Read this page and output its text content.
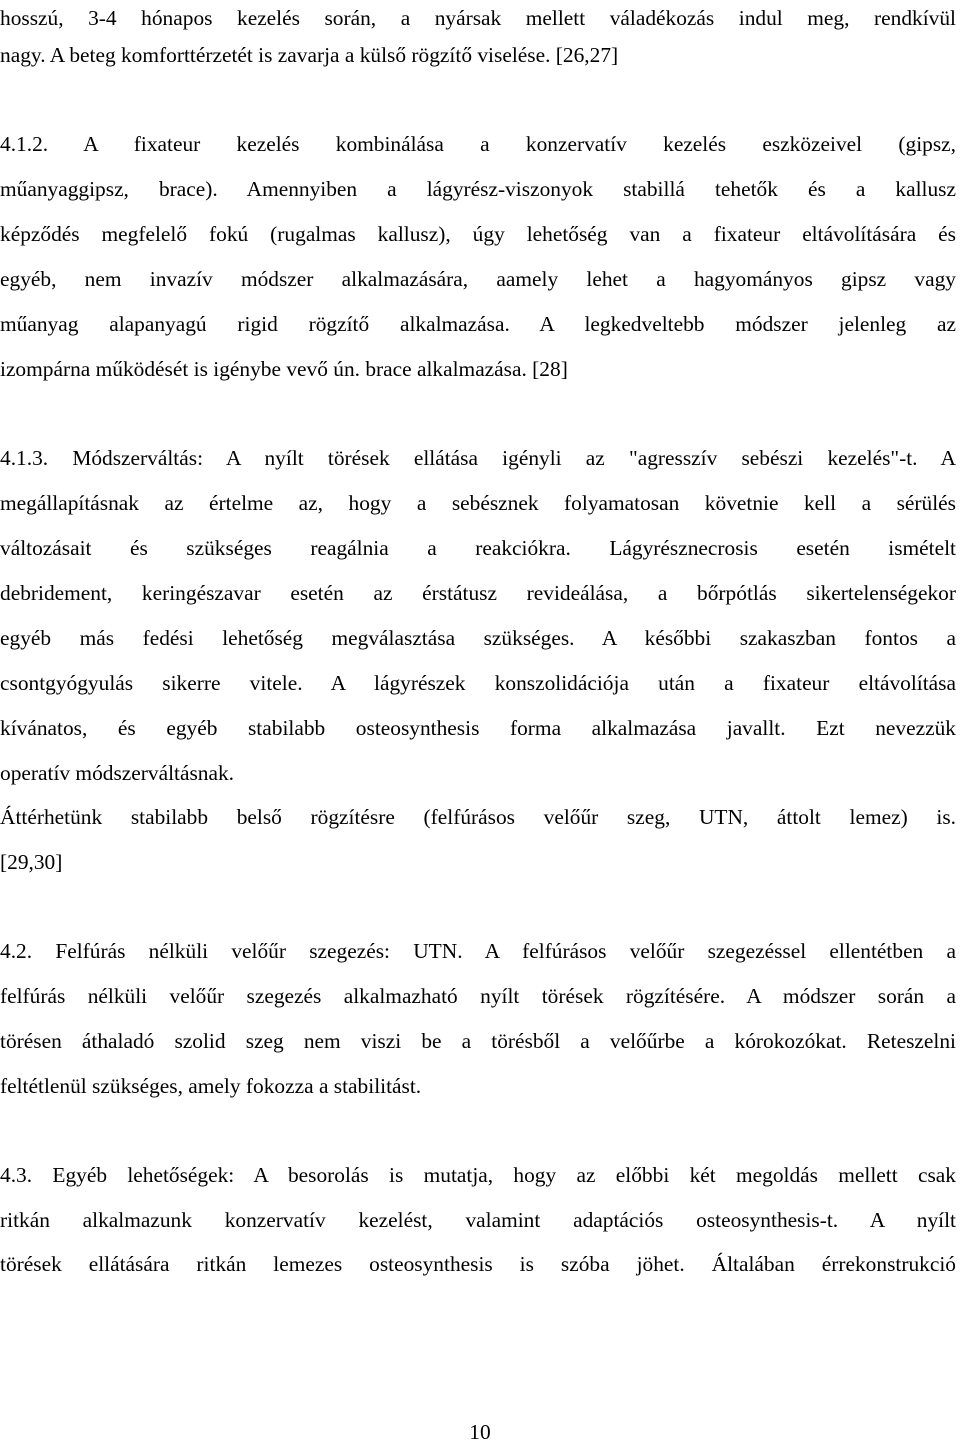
hosszú, 3-4 hónapos kezelés során, a nyársak mellett váladékozás indul meg, rendkívül

nagy. A beteg komforttérzetét is zavarja a külső rögzítő viselése. [26,27]

4.1.2. A fixateur kezelés kombinálása a konzervatív kezelés eszközeivel (gipsz,

műanyaggipsz, brace). Amennyiben a lágyrész-viszonyok stabillá tehetők és a kallusz

képződés megfelelő fokú (rugalmas kallusz), úgy lehetőség van a fixateur eltávolítására és

egyéb, nem invazív módszer alkalmazására, aamely lehet a hagyományos gipsz vagy

műanyag alapanyagú rigid rögzítő alkalmazása. A legkedveltebb módszer jelenleg az

izompárna működését is igénybe vevő ún. brace alkalmazása. [28]

4.1.3. Módszerváltás: A nyílt törések ellátása igényli az "agresszív sebészi kezelés"-t. A

megállapításnak az értelme az, hogy a sebésznek folyamatosan követnie kell a sérülés

változásait és szükséges reagálnia a reakciókra. Lágyrésznecrosis esetén ismételt

debridement, keringészavar esetén az érstátusz revideálása, a bőrpótlás sikertelenségekor

egyéb más fedési lehetőség megválasztása szükséges. A későbbi szakaszban fontos a

csontgyógyulás sikerre vitele. A lágyrészek konszolidációja után a fixateur eltávolítása

kívánatos, és egyéb stabilabb osteosynthesis forma alkalmazása javallt. Ezt nevezzük

operatív módszerváltásnak.

Áttérhetünk stabilabb belső rögzítésre (felfúrásos velőűr szeg, UTN, áttolt lemez) is.

[29,30]

4.2. Felfúrás nélküli velőűr szegezés: UTN. A felfúrásos velőűr szegezéssel ellentétben a

felfúrás nélküli velőűr szegezés alkalmazható nyílt törések rögzítésére. A módszer során a

törésen áthaladó szolid szeg nem viszi be a törésből a velőűrbe a kórokozókat. Reteszelni

feltétlenül szükséges, amely fokozza a stabilitást.

4.3. Egyéb lehetőségek: A besorolás is mutatja, hogy az előbbi két megoldás mellett csak

ritkán alkalmazunk konzervatív kezelést, valamint adaptációs osteosynthesis-t. A nyílt

törések ellátására ritkán lemezes osteosynthesis is szóba jöhet. Általában érrekonstrukció

10
